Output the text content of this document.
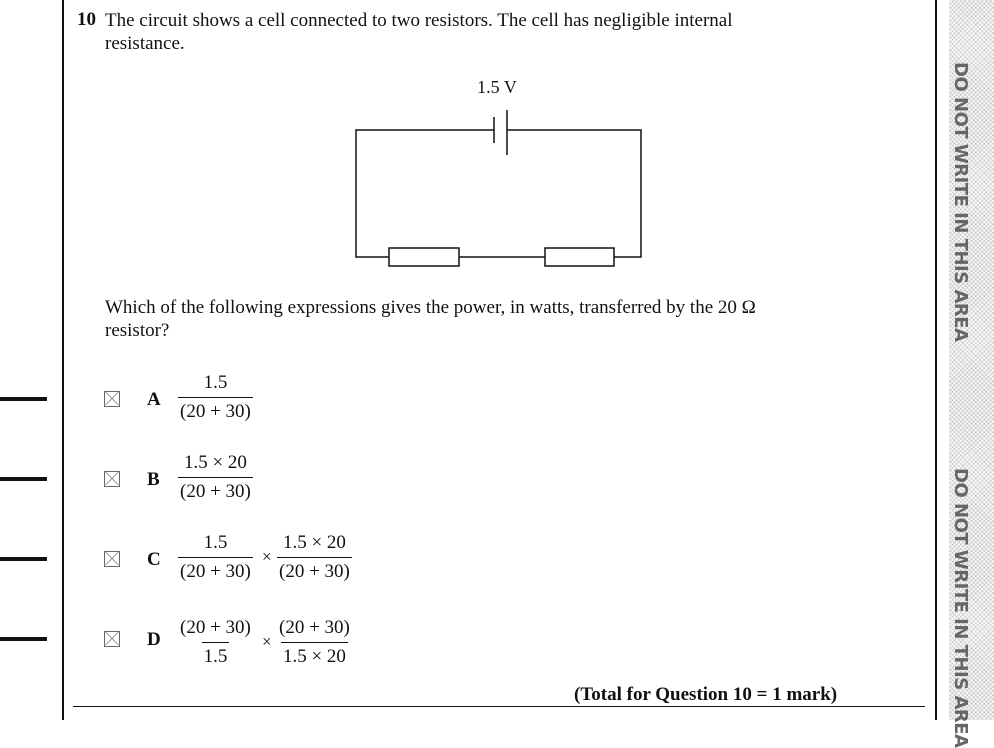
DO NOT WRITE IN THIS AREA
DO NOT WRITE IN THIS AREA
10 The circuit shows a cell connected to two resistors. The cell has negligible internal resistance.
1.5 V
Which of the following expressions gives the power, in watts, transferred by the 20 Ω resistor?
A $\frac{1.5}{(20 + 30)}$
B $\frac{1.5 \times 20}{(20 + 30)}$
C $\frac{1.5}{(20 + 30)} \times \frac{1.5 \times 20}{(20 + 30)}$
D $\frac{(20 + 30)}{1.5} \times \frac{(20 + 30)}{1.5 \times 20}$
(Total for Question 10 = 1 mark)
